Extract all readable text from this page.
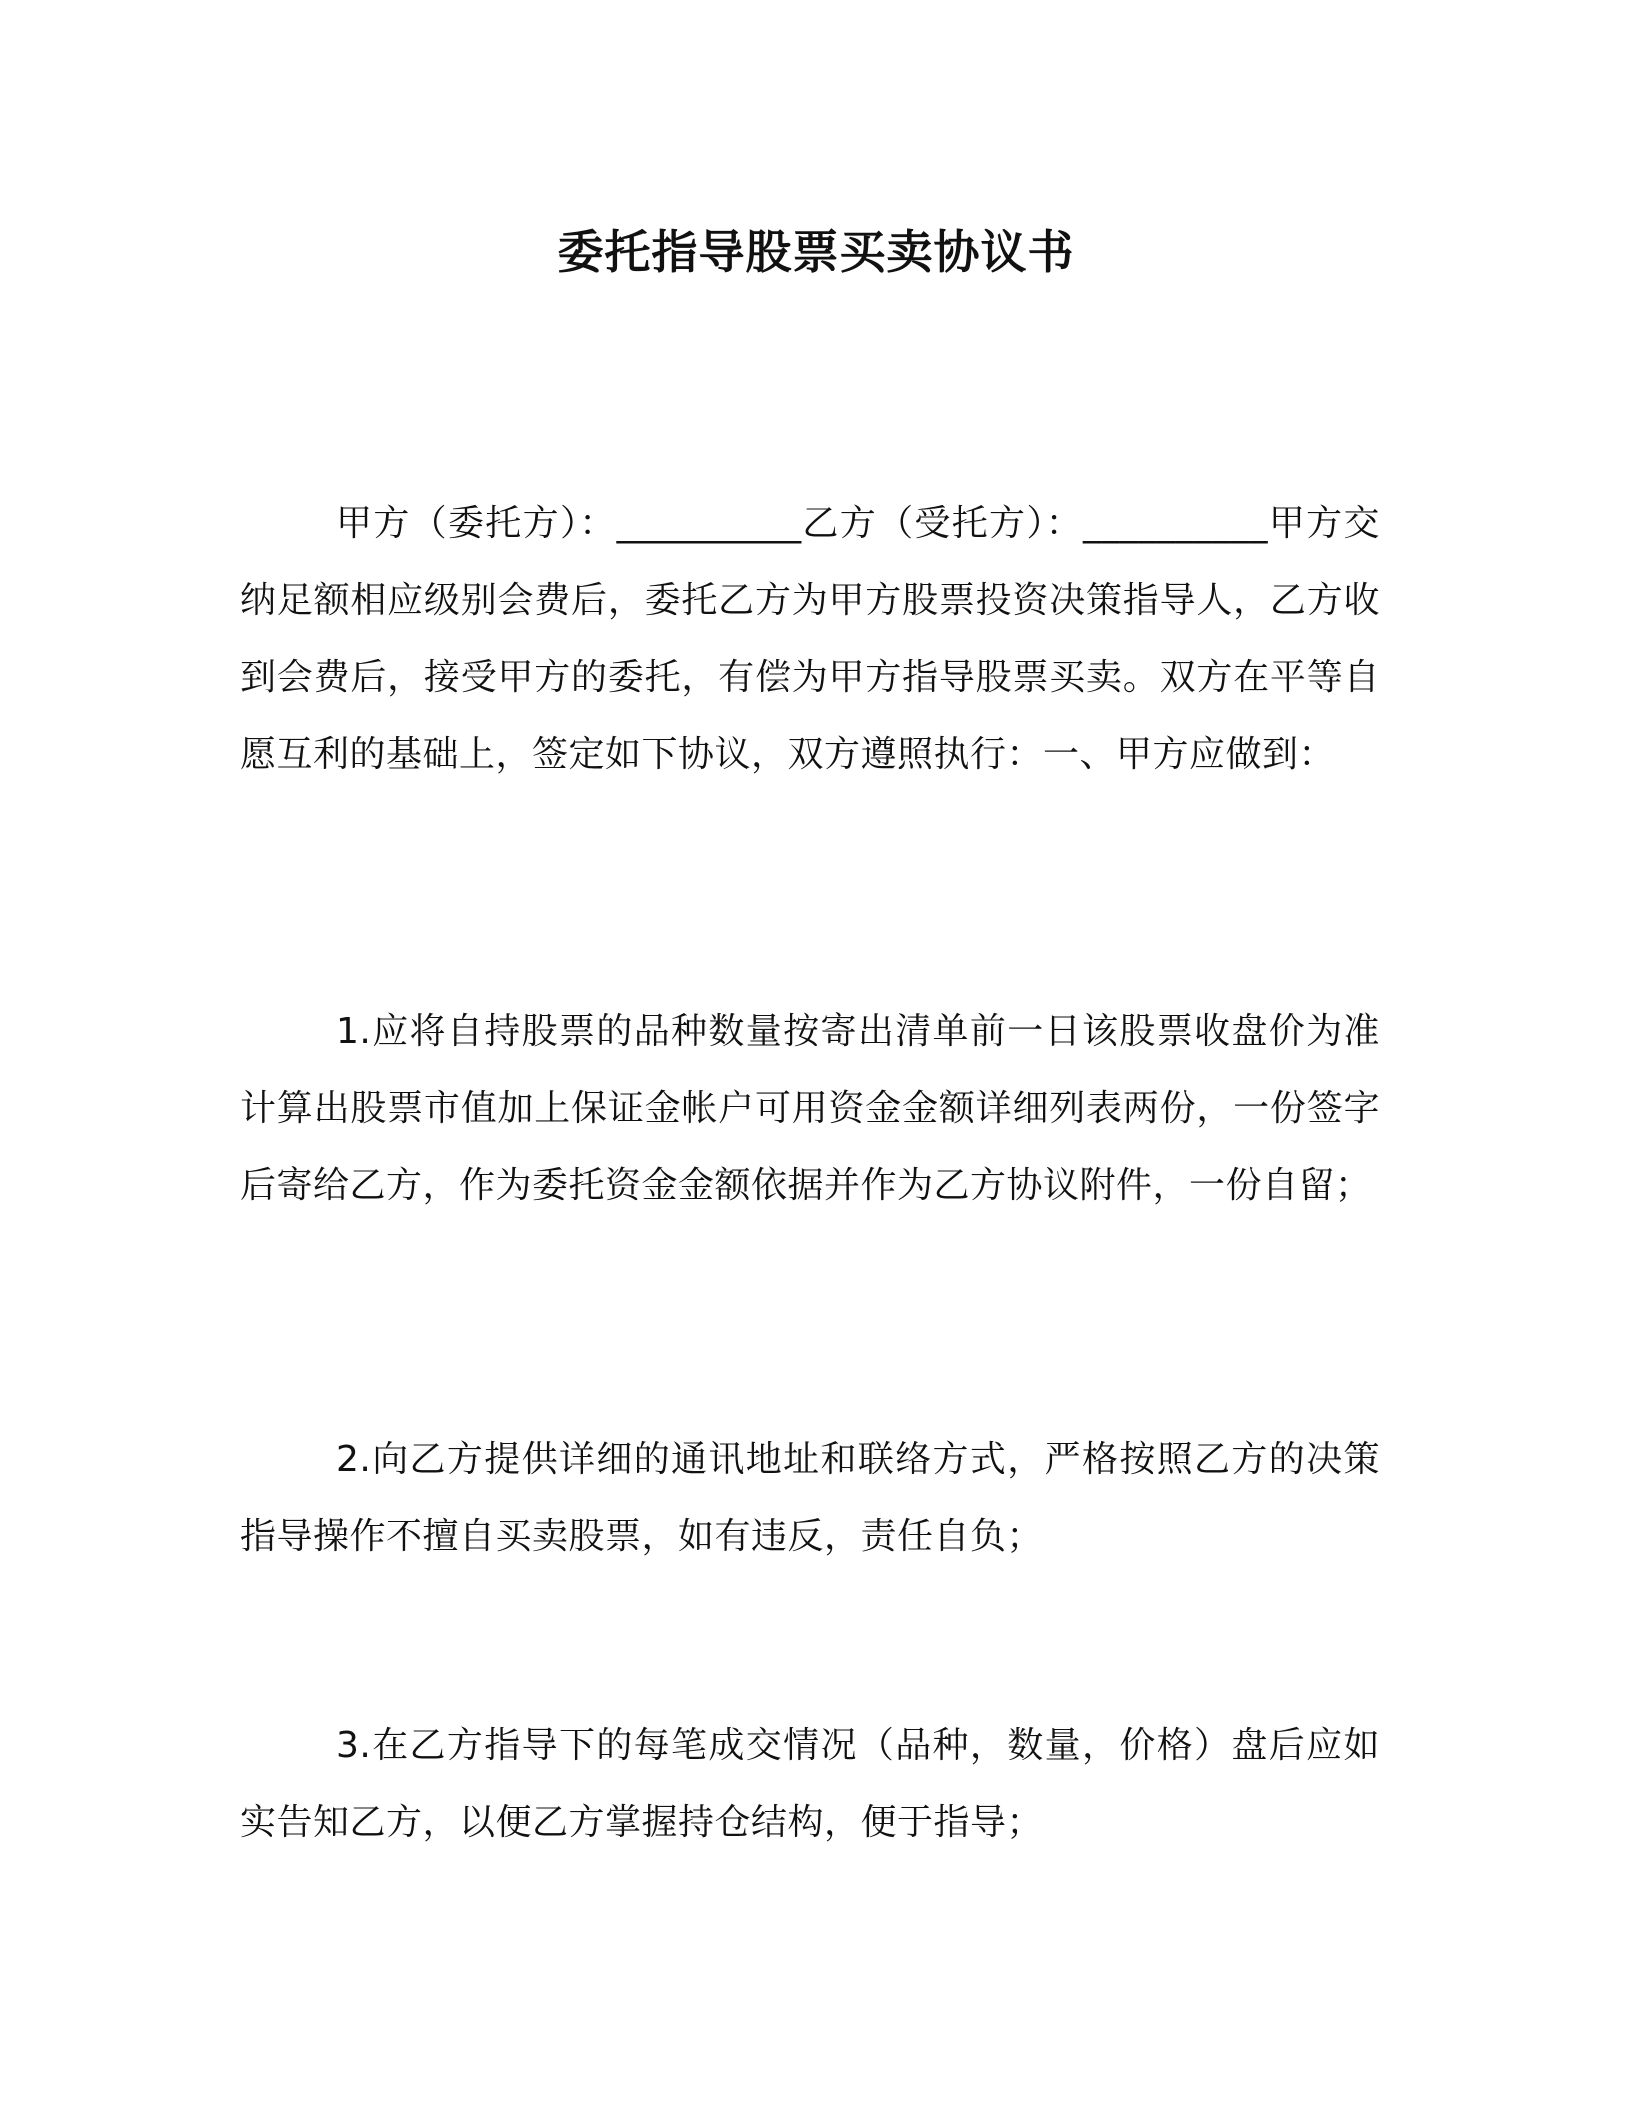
委托指导股票买卖协议书

甲方（委托方）：__________乙方（受托方）：__________甲方交纳足额相应级别会费后，委托乙方为甲方股票投资决策指导人，乙方收到会费后，接受甲方的委托，有偿为甲方指导股票买卖。双方在平等自愿互利的基础上，签定如下协议，双方遵照执行：一、甲方应做到：

1.应将自持股票的品种数量按寄出清单前一日该股票收盘价为准计算出股票市值加上保证金帐户可用资金金额详细列表两份，一份签字后寄给乙方，作为委托资金金额依据并作为乙方协议附件，一份自留；

2.向乙方提供详细的通讯地址和联络方式，严格按照乙方的决策指导操作不擅自买卖股票，如有违反，责任自负；

3.在乙方指导下的每笔成交情况（品种，数量，价格）盘后应如实告知乙方，以便乙方掌握持仓结构，便于指导；
